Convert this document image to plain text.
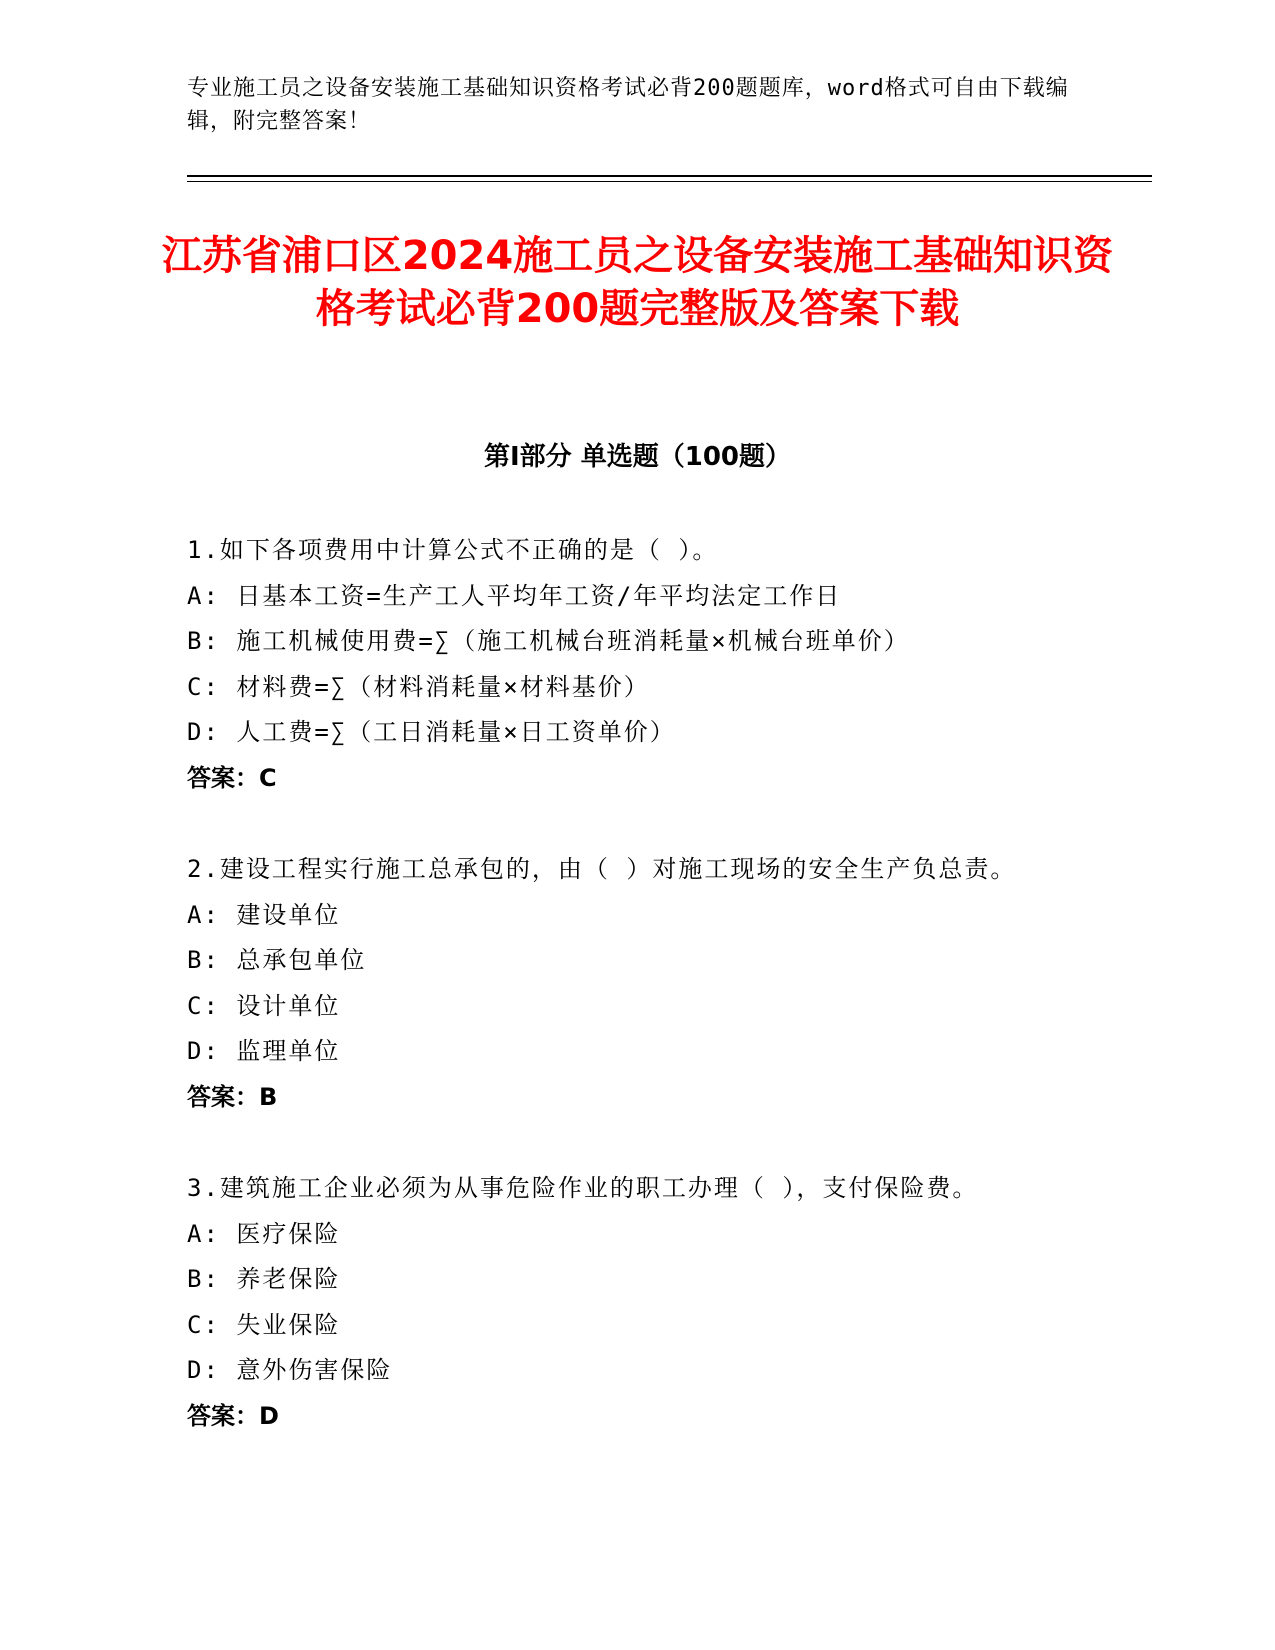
专业施工员之设备安装施工基础知识资格考试必背200题题库，word格式可自由下载编辑，附完整答案！
江苏省浦口区2024施工员之设备安装施工基础知识资格考试必背200题完整版及答案下载
第Ⅰ部分 单选题（100题）
1.如下各项费用中计算公式不正确的是（ ）。
A: 日基本工资=生产工人平均年工资/年平均法定工作日
B: 施工机械使用费=∑（施工机械台班消耗量×机械台班单价）
C: 材料费=∑（材料消耗量×材料基价）
D: 人工费=∑（工日消耗量×日工资单价）
答案：C
2.建设工程实行施工总承包的，由（ ）对施工现场的安全生产负总责。
A: 建设单位
B: 总承包单位
C: 设计单位
D: 监理单位
答案：B
3.建筑施工企业必须为从事危险作业的职工办理（ ），支付保险费。
A: 医疗保险
B: 养老保险
C: 失业保险
D: 意外伤害保险
答案：D
